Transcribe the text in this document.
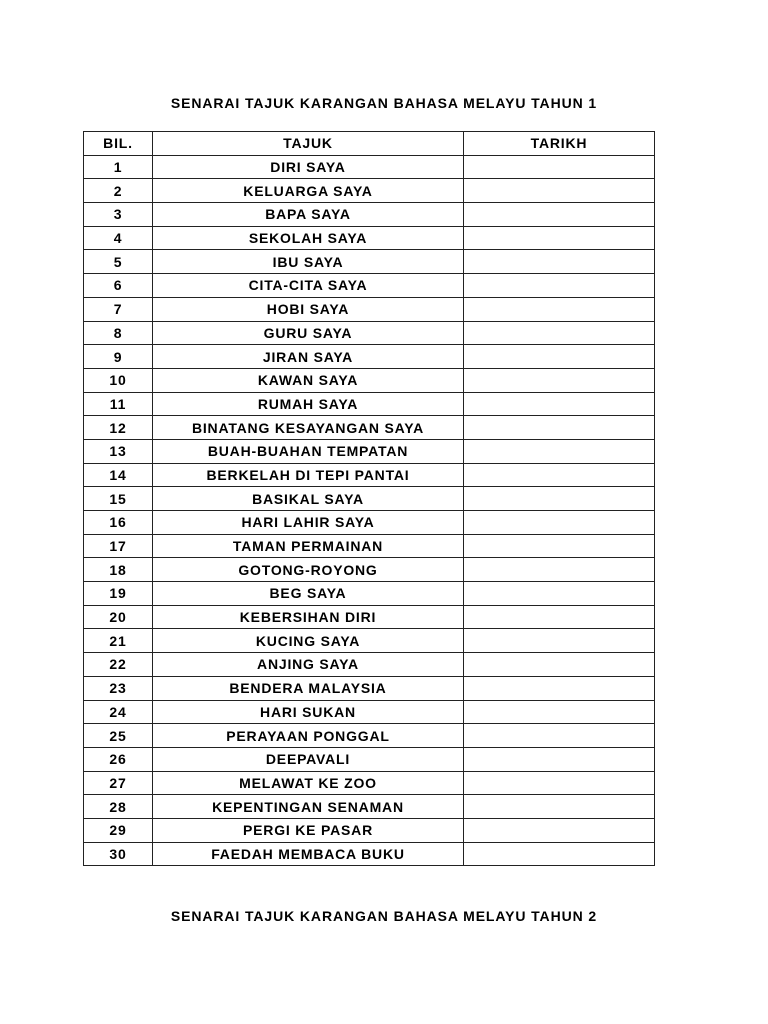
SENARAI TAJUK KARANGAN BAHASA MELAYU TAHUN 1
BIL.	TAJUK	TARIKH
1	DIRI SAYA	
2	KELUARGA SAYA	
3	BAPA SAYA	
4	SEKOLAH SAYA	
5	IBU SAYA	
6	CITA-CITA SAYA	
7	HOBI SAYA	
8	GURU SAYA	
9	JIRAN SAYA	
10	KAWAN SAYA	
11	RUMAH SAYA	
12	BINATANG KESAYANGAN SAYA	
13	BUAH-BUAHAN TEMPATAN	
14	BERKELAH DI TEPI PANTAI	
15	BASIKAL SAYA	
16	HARI LAHIR SAYA	
17	TAMAN PERMAINAN	
18	GOTONG-ROYONG	
19	BEG SAYA	
20	KEBERSIHAN DIRI	
21	KUCING SAYA	
22	ANJING SAYA	
23	BENDERA MALAYSIA	
24	HARI SUKAN	
25	PERAYAAN PONGGAL	
26	DEEPAVALI	
27	MELAWAT KE ZOO	
28	KEPENTINGAN SENAMAN	
29	PERGI KE PASAR	
30	FAEDAH MEMBACA BUKU	
SENARAI TAJUK KARANGAN BAHASA MELAYU TAHUN 2
